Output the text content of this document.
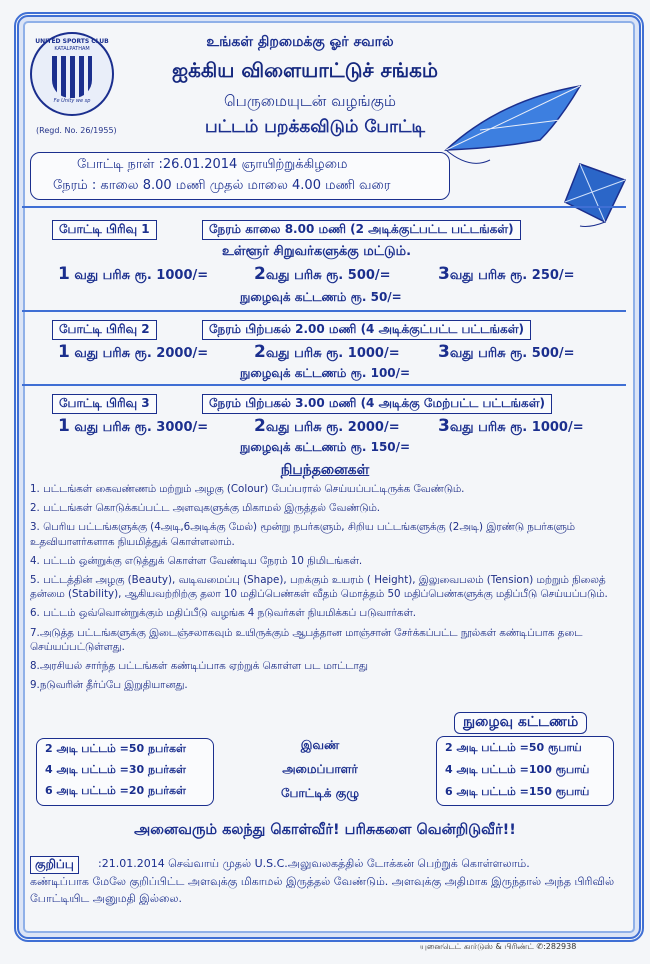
UNITED SPORTS CLUB
KATALPATHAM
Fe Unity we sp
(Regd. No. 26/1955)
உங்கள் திறமைக்கு ஓர் சவால்
ஐக்கிய விளையாட்டுச் சங்கம்
பெருமையுடன் வழங்கும்
பட்டம் பறக்கவிடும் போட்டி
போட்டி நாள் :26.01.2014 ஞாயிற்றுக்கிழமை
நேரம் : காலை 8.00 மணி முதல் மாலை 4.00 மணி வரை
போட்டி பிரிவு 1	நேரம் காலை 8.00 மணி (2 அடிக்குட்பட்ட பட்டங்கள்)
உள்ளூர் சிறுவர்களுக்கு மட்டும்.
1 வது பரிசு ரூ. 1000/=	2வது பரிசு ரூ. 500/=	3வது பரிசு ரூ. 250/=
நுழைவுக் கட்டணம் ரூ. 50/=
போட்டி பிரிவு 2	நேரம் பிற்பகல் 2.00 மணி (4 அடிக்குட்பட்ட பட்டங்கள்)
1 வது பரிசு ரூ. 2000/=	2வது பரிசு ரூ. 1000/= 3வது பரிசு ரூ. 500/=
நுழைவுக் கட்டணம் ரூ. 100/=
போட்டி பிரிவு 3	நேரம் பிற்பகல் 3.00 மணி (4 அடிக்கு மேற்பட்ட பட்டங்கள்)
1 வது பரிசு ரூ. 3000/=	2வது பரிசு ரூ. 2000/= 3வது பரிசு ரூ. 1000/=
நுழைவுக் கட்டணம் ரூ. 150/=
நிபந்தனைகள்
1. பட்டங்கள் கைவண்ணம் மற்றும் அழகு (Colour) பேப்பரால் செய்யப்பட்டிருக்க வேண்டும்.
2. பட்டங்கள் கொடுக்கப்பட்ட அளவுகளுக்கு மிகாமல் இருத்தல் வேண்டும்.
3. பெரிய பட்டங்களுக்கு (4அடி,6அடிக்கு மேல்) மூன்று நபர்களும், சிறிய பட்டங்களுக்கு (2அடி) இரண்டு நபர்களும் உதவியாளர்களாக நியமித்துக் கொள்ளலாம்.
4. பட்டம் ஒன்றுக்கு எடுத்துக் கொள்ள வேண்டிய நேரம் 10 நிமிடங்கள்.
5. பட்டத்தின் அழகு (Beauty), வடிவமைப்பு (Shape), பறக்கும் உயரம் ( Height), இலுவைபலம் (Tension) மற்றும் நிலைத் தன்மை (Stability), ஆகியவற்றிற்கு தலா 10 மதிப்பெண்கள் வீதம் மொத்தம் 50 மதிப்பெண்களுக்கு மதிப்பீடு செய்யப்படும்.
6. பட்டம் ஒவ்வொன்றுக்கும் மதிப்பீடு வழங்க 4 நடுவர்கள் நியமிக்கப் படுவார்கள்.
7.அடுத்த பட்டங்களுக்கு இடைஞ்சலாகவும் உயிருக்கும் ஆபத்தான மாஞ்சான் சேர்க்கப்பட்ட நூல்கள் கண்டிப்பாக தடை செய்யப்பட்டுள்ளது.
8.அரசியல் சார்ந்த பட்டங்கள் கண்டிப்பாக ஏற்றுக் கொள்ள பட மாட்டாது
9.நடுவரின் தீர்ப்பே இறுதியானது.
2 அடி பட்டம் =50 நபர்கள்
4 அடி பட்டம் =30 நபர்கள்
6 அடி பட்டம் =20 நபர்கள்
இவண்
அமைப்பாளர்
போட்டிக் குழு
நுழைவு கட்டணம்
2 அடி பட்டம் =50 ரூபாய்
4 அடி பட்டம் =100 ரூபாய்
6 அடி பட்டம் =150 ரூபாய்
அனைவரும் கலந்து கொள்வீர்! பரிசுகளை வென்றிடுவீர்!!
குறிப்பு	:21.01.2014 செவ்வாய் முதல் U.S.C.அலுவலகத்தில் டோக்கன் பெற்றுக் கொள்ளலாம்.
கண்டிப்பாக மேலே குறிப்பிட்ட அளவுக்கு மிகாமல் இருத்தல் வேண்டும். அளவுக்கு அதிமாக இருந்தால் அந்த பிரிவில் போட்டியிட அனுமதி இல்லை.
யுனைடெட் கார்டுஸ் & பிரிண்ட் ✆:282938
